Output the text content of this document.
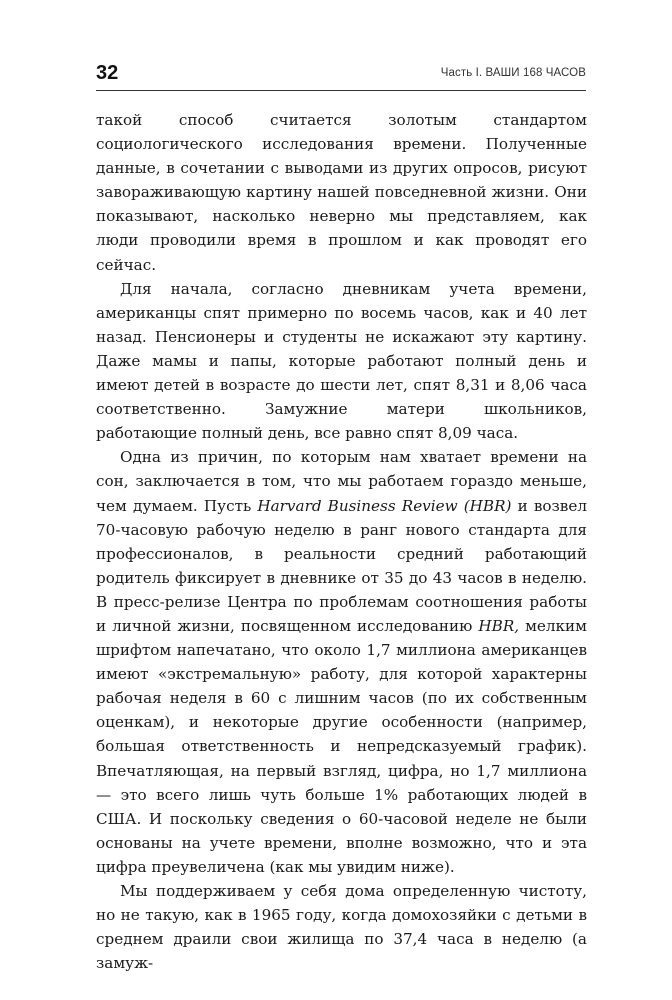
32	Часть I. ВАШИ 168 ЧАСОВ

такой способ считается золотым стандартом социологического исследования времени. Полученные данные, в сочетании с выводами из других опросов, рисуют завораживающую картину нашей повседневной жизни. Они показывают, насколько неверно мы представляем, как люди проводили время в прошлом и как проводят его сейчас.

Для начала, согласно дневникам учета времени, американцы спят примерно по восемь часов, как и 40 лет назад. Пенсионеры и студенты не искажают эту картину. Даже мамы и папы, которые работают полный день и имеют детей в возрасте до шести лет, спят 8,31 и 8,06 часа соответственно. Замужние матери школьников, работающие полный день, все равно спят 8,09 часа.

Одна из причин, по которым нам хватает времени на сон, заключается в том, что мы работаем гораздо меньше, чем думаем. Пусть Harvard Business Review (HBR) и возвел 70-часовую рабочую неделю в ранг нового стандарта для профессионалов, в реальности средний работающий родитель фиксирует в дневнике от 35 до 43 часов в неделю. В пресс-релизе Центра по проблемам соотношения работы и личной жизни, посвященном исследованию HBR, мелким шрифтом напечатано, что около 1,7 миллиона американцев имеют «экстремальную» работу, для которой характерны рабочая неделя в 60 с лишним часов (по их собственным оценкам), и некоторые другие особенности (например, большая ответственность и непредсказуемый график). Впечатляющая, на первый взгляд, цифра, но 1,7 миллиона — это всего лишь чуть больше 1% работающих людей в США. И поскольку сведения о 60-часовой неделе не были основаны на учете времени, вполне возможно, что и эта цифра преувеличена (как мы увидим ниже).

Мы поддерживаем у себя дома определенную чистоту, но не такую, как в 1965 году, когда домохозяйки с детьми в среднем драили свои жилища по 37,4 часа в неделю (а замуж-
